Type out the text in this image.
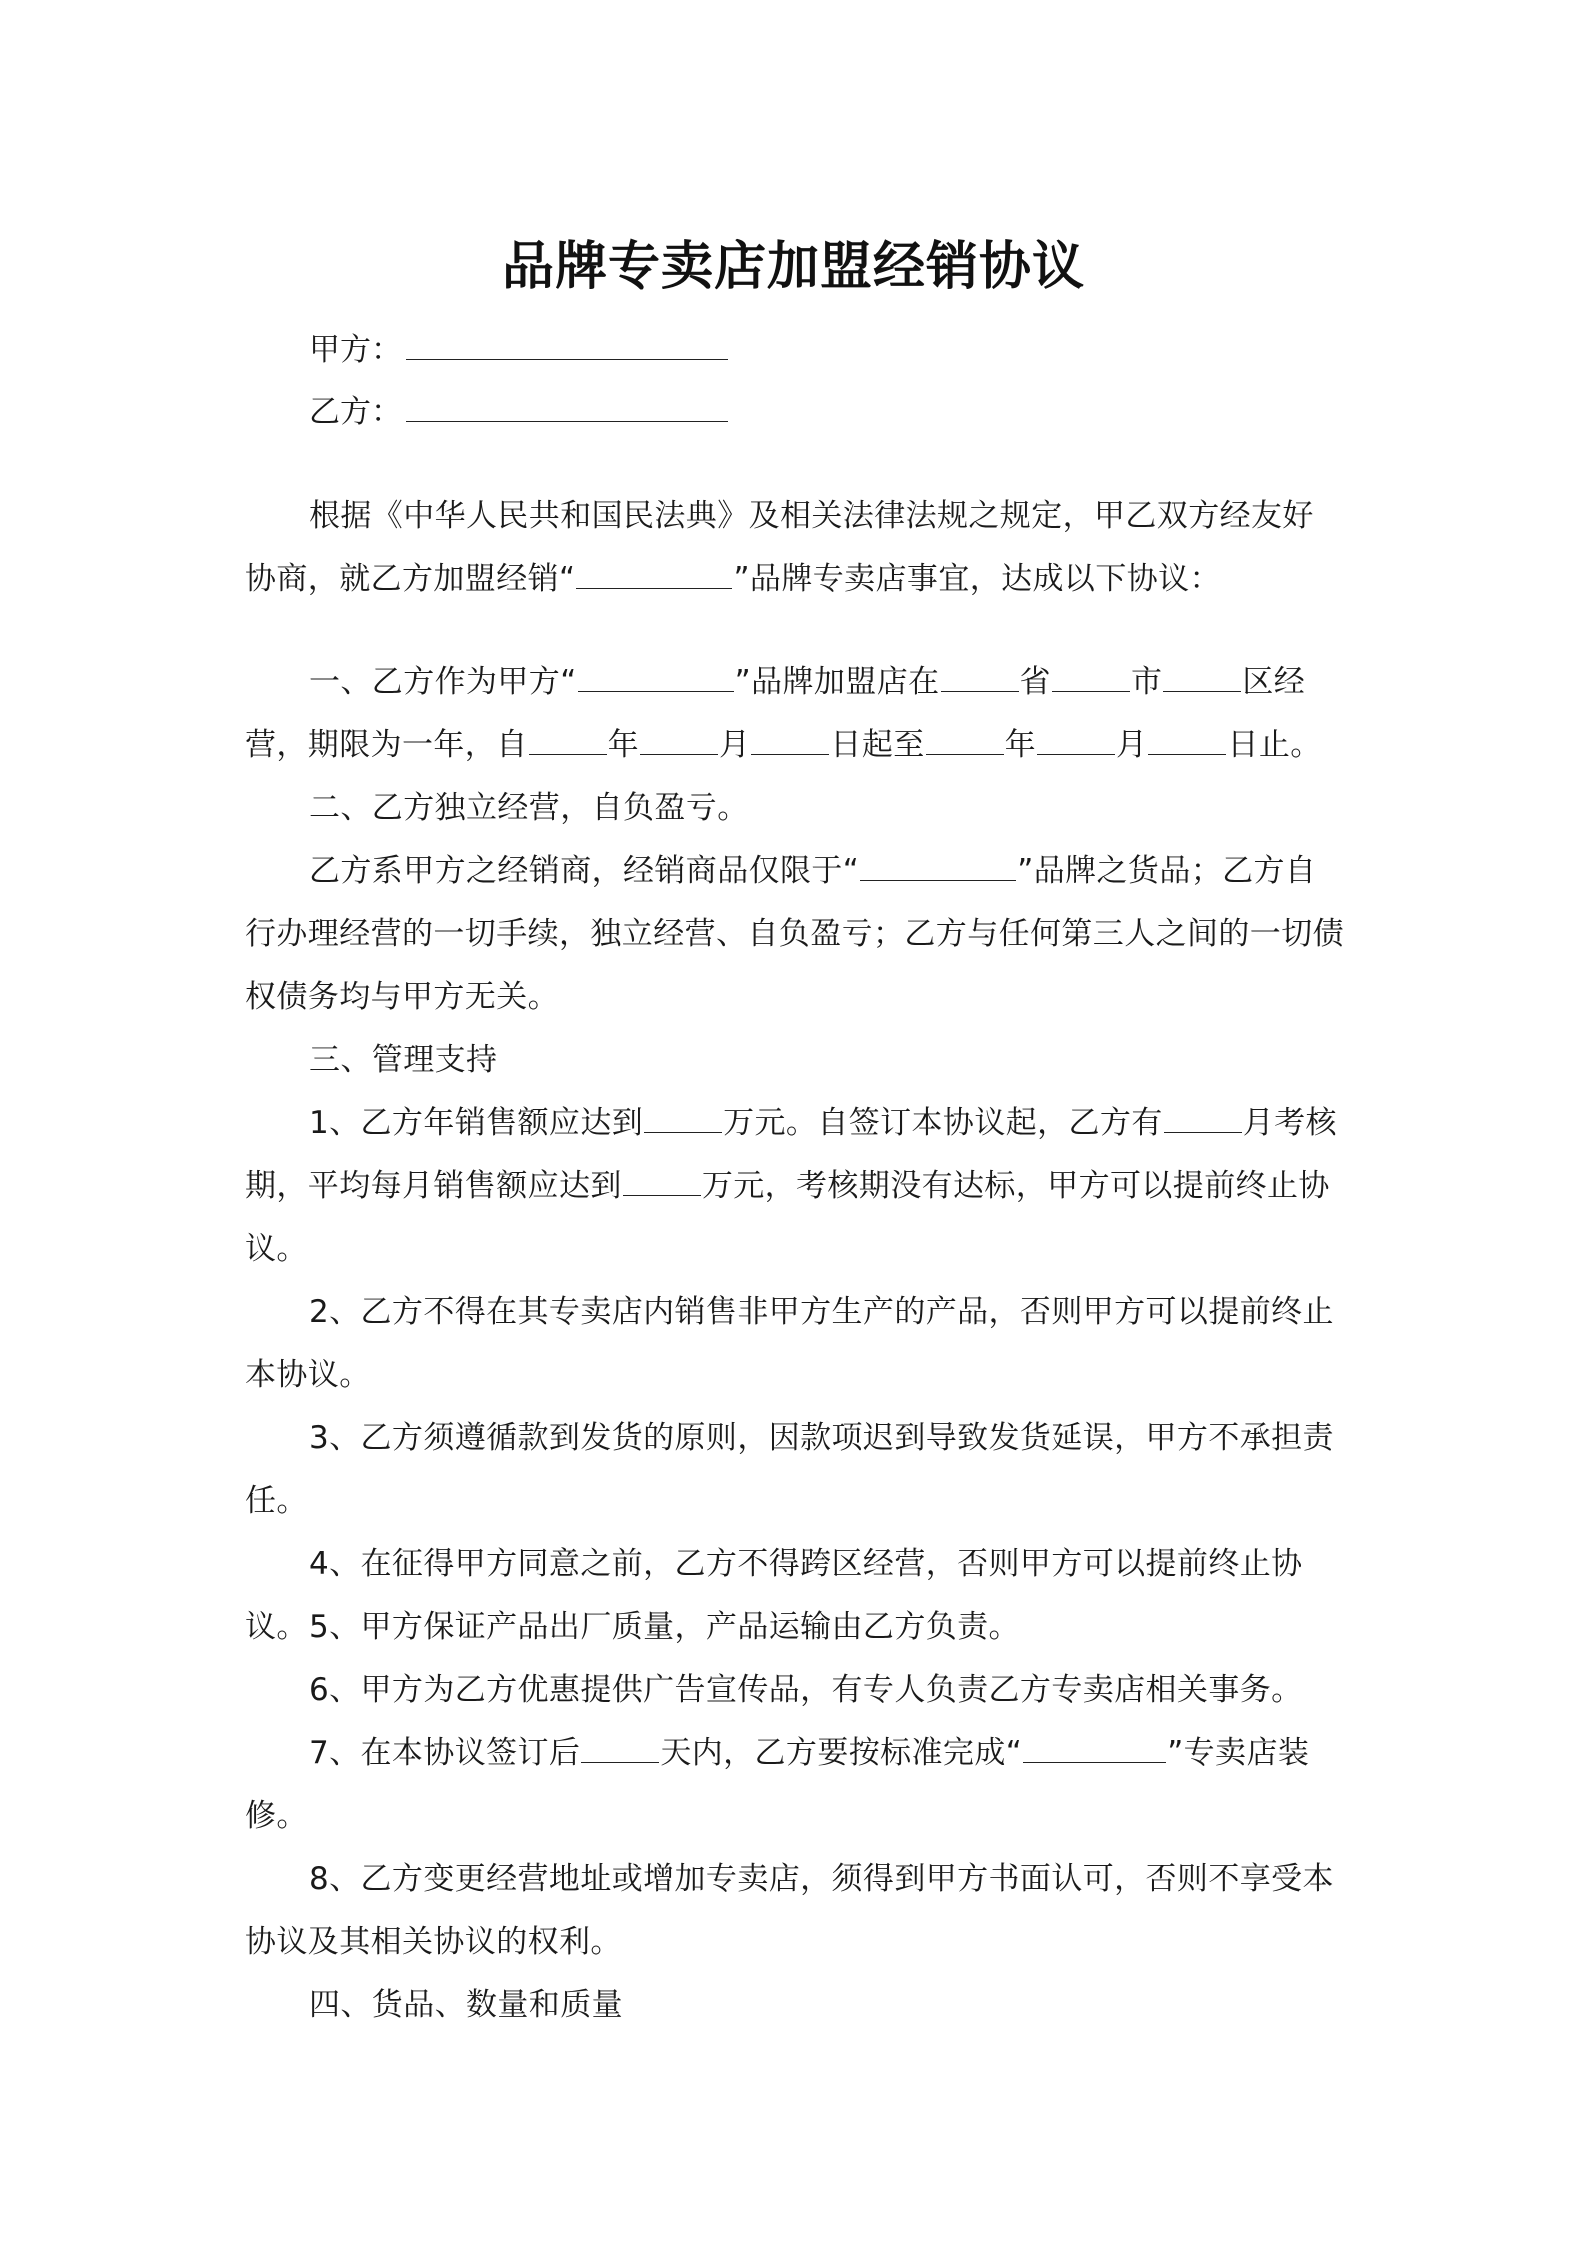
品牌专卖店加盟经销协议
甲方：
乙方：
根据《中华人民共和国民法典》及相关法律法规之规定，甲乙双方经友好协商，就乙方加盟经销“	”品牌专卖店事宜，达成以下协议：
一、乙方作为甲方“	”品牌加盟店在	省	市	区经营，期限为一年，自	年	月	日起至	年	月	日止。
二、乙方独立经营，自负盈亏。
乙方系甲方之经销商，经销商品仅限于“	”品牌之货品；乙方自行办理经营的一切手续，独立经营、自负盈亏；乙方与任何第三人之间的一切债权债务均与甲方无关。
三、管理支持
1、乙方年销售额应达到	万元。自签订本协议起，乙方有	月考核期，平均每月销售额应达到	万元，考核期没有达标，甲方可以提前终止协议。
2、乙方不得在其专卖店内销售非甲方生产的产品，否则甲方可以提前终止本协议。
3、乙方须遵循款到发货的原则，因款项迟到导致发货延误，甲方不承担责任。
4、在征得甲方同意之前，乙方不得跨区经营，否则甲方可以提前终止协议。 5、甲方保证产品出厂质量，产品运输由乙方负责。
6、甲方为乙方优惠提供广告宣传品，有专人负责乙方专卖店相关事务。
7、在本协议签订后	天内，乙方要按标准完成“	”专卖店装修。
8、乙方变更经营地址或增加专卖店，须得到甲方书面认可，否则不享受本协议及其相关协议的权利。
四、货品、数量和质量
